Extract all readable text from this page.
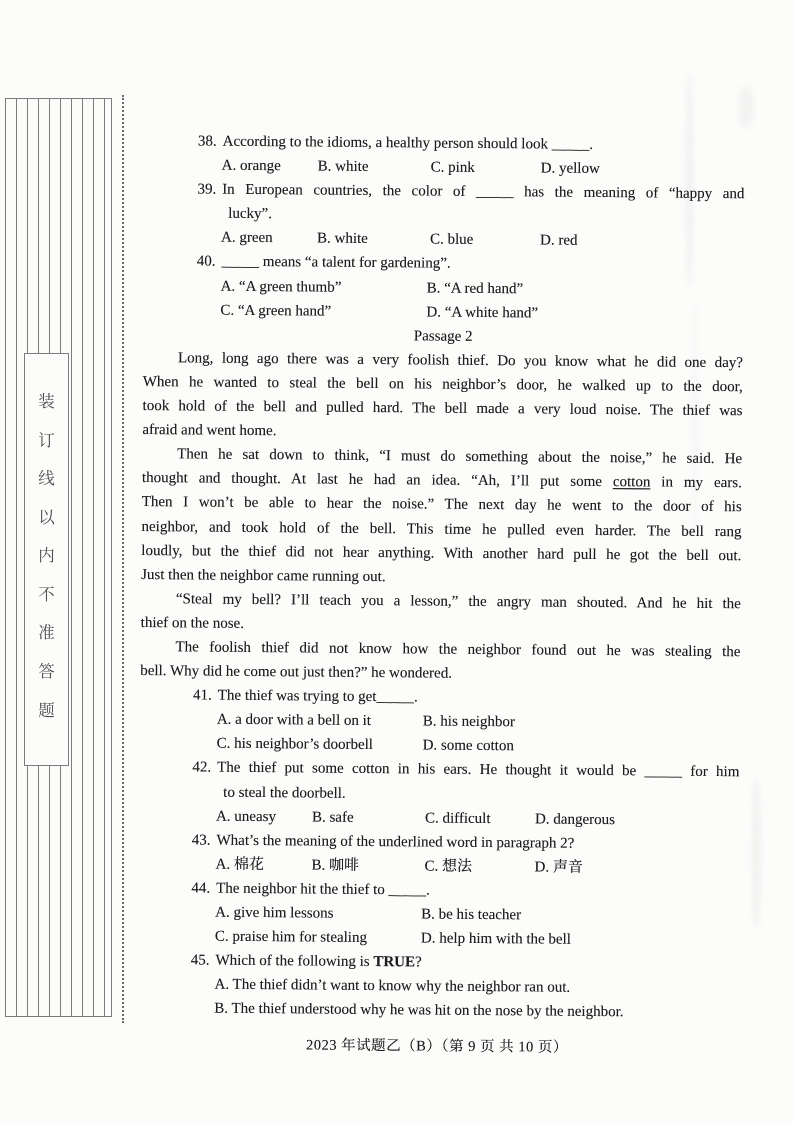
装
订
线
以
内
不
准
答
题
38. According to the idioms, a healthy person should look _____.
A. orange	B. white	C. pink	D. yellow
39. In European countries, the color of _____ has the meaning of “happy and
lucky”.
A. green	B. white	C. blue	D. red
40. _____ means “a talent for gardening”.
A. “A green thumb”	B. “A red hand”
C. “A green hand”	D. “A white hand”
Passage 2
Long, long ago there was a very foolish thief. Do you know what he did one day?
When he wanted to steal the bell on his neighbor’s door, he walked up to the door,
took hold of the bell and pulled hard. The bell made a very loud noise. The thief was
afraid and went home.
Then he sat down to think, “I must do something about the noise,” he said. He
thought and thought. At last he had an idea. “Ah, I’ll put some cotton in my ears.
Then I won’t be able to hear the noise.” The next day he went to the door of his
neighbor, and took hold of the bell. This time he pulled even harder. The bell rang
loudly, but the thief did not hear anything. With another hard pull he got the bell out.
Just then the neighbor came running out.
“Steal my bell? I’ll teach you a lesson,” the angry man shouted. And he hit the
thief on the nose.
The foolish thief did not know how the neighbor found out he was stealing the
bell. Why did he come out just then?” he wondered.
41. The thief was trying to get_____.
A. a door with a bell on it	B. his neighbor
C. his neighbor’s doorbell	D. some cotton
42. The thief put some cotton in his ears. He thought it would be _____ for him
to steal the doorbell.
A. uneasy	B. safe	C. difficult	D. dangerous
43. What’s the meaning of the underlined word in paragraph 2?
A. 棉花	B. 咖啡	C. 想法	D. 声音
44. The neighbor hit the thief to _____.
A. give him lessons	B. be his teacher
C. praise him for stealing	D. help him with the bell
45. Which of the following is TRUE?
A. The thief didn’t want to know why the neighbor ran out.
B. The thief understood why he was hit on the nose by the neighbor.
2023 年试题乙（B）（第 9 页 共 10 页）
